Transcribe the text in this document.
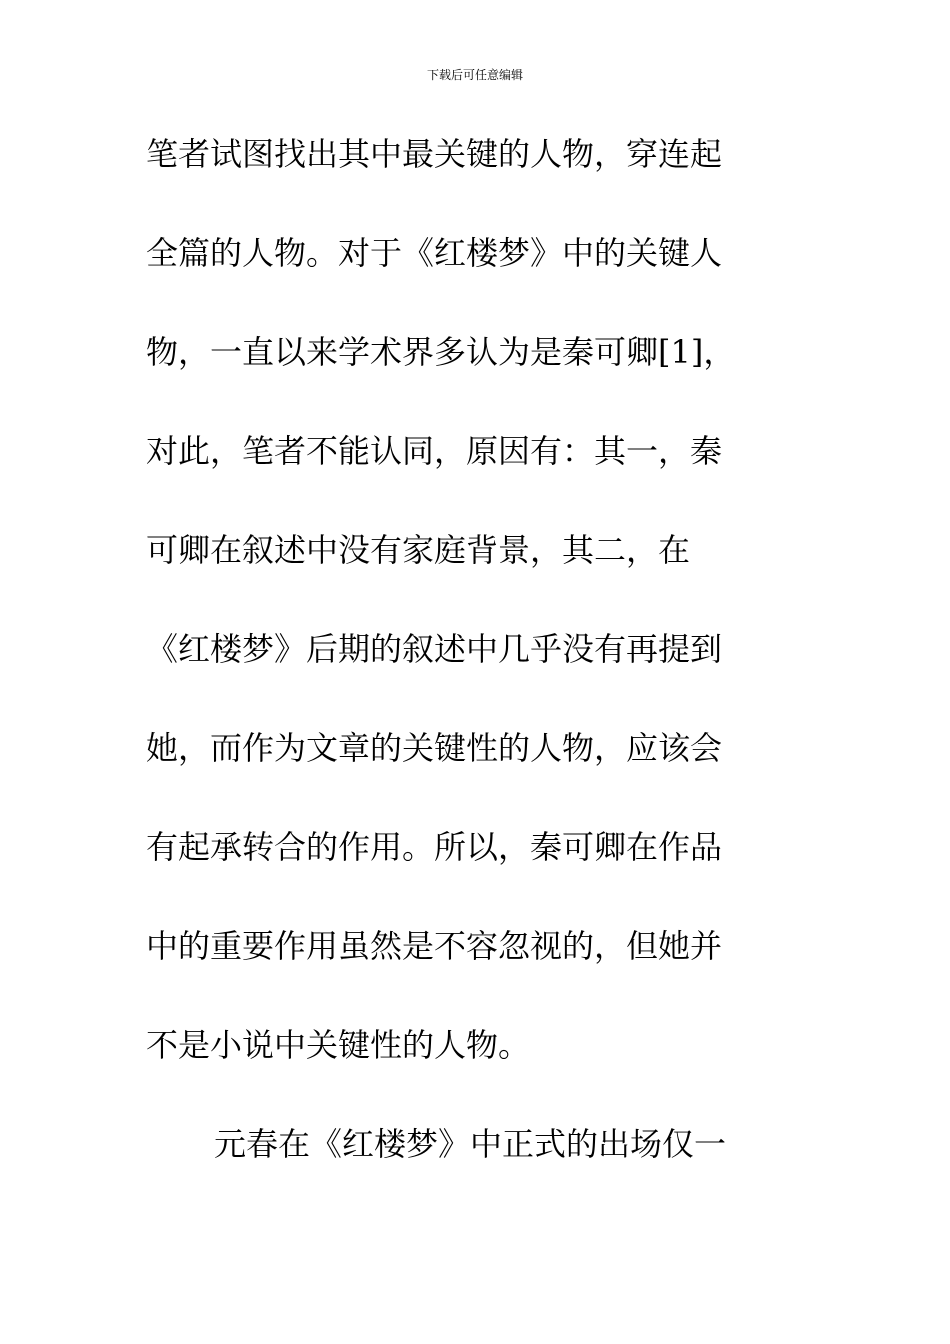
下载后可任意编辑
笔者试图找出其中最关键的人物，穿连起
全篇的人物。对于《红楼梦》中的关键人
物，一直以来学术界多认为是秦可卿[1]，
对此，笔者不能认同，原因有：其一，秦
可卿在叙述中没有家庭背景，其二，在
《红楼梦》后期的叙述中几乎没有再提到
她，而作为文章的关键性的人物，应该会
有起承转合的作用。所以，秦可卿在作品
中的重要作用虽然是不容忽视的，但她并
不是小说中关键性的人物。
元春在《红楼梦》中正式的出场仅一
